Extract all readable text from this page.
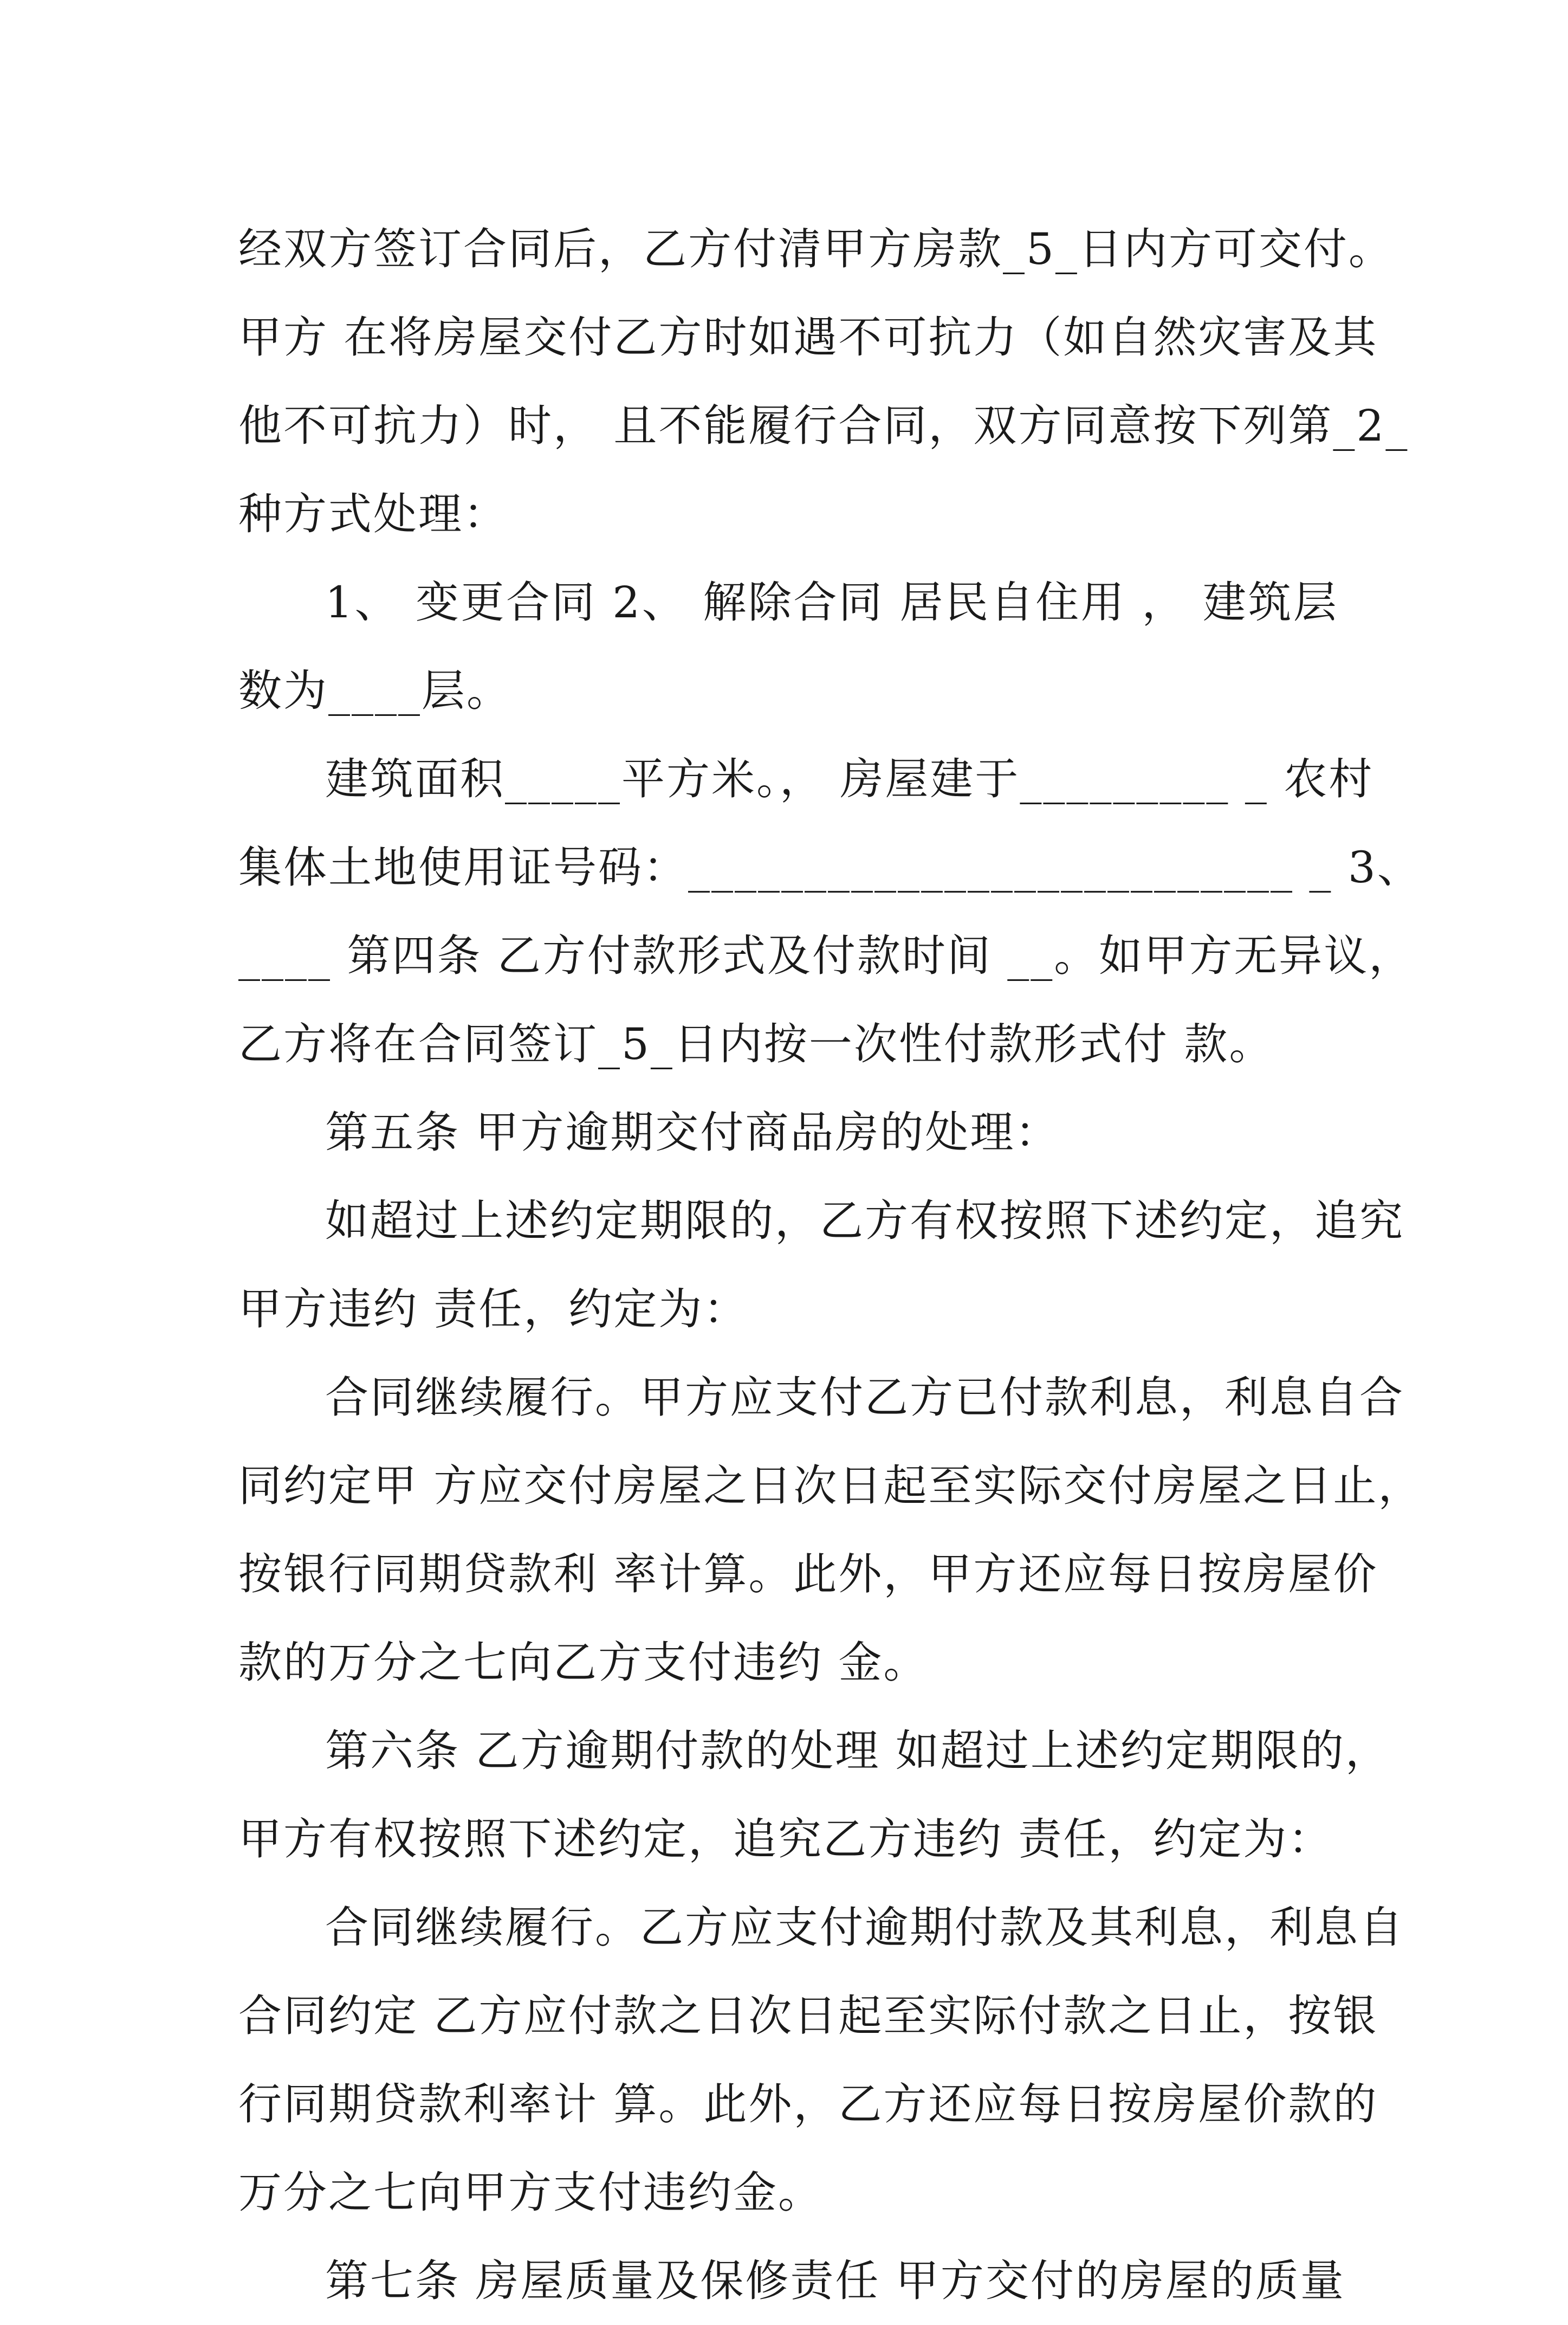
经双方签订合同后，乙方付清甲方房款_5_日内方可交付。
甲方 在将房屋交付乙方时如遇不可抗力（如自然灾害及其
他不可抗力）时， 且不能履行合同，双方同意按下列第_2_
种方式处理：
1、 变更合同 2、 解除合同 居民自住用 ， 建筑层
数为____层。
建筑面积_____平方米。， 房屋建于_________ _ 农村
集体土地使用证号码：__________________________ _ 3、
____ 第四条 乙方付款形式及付款时间 __。如甲方无异议，
乙方将在合同签订_5_日内按一次性付款形式付 款。
第五条 甲方逾期交付商品房的处理：
如超过上述约定期限的，乙方有权按照下述约定，追究
甲方违约 责任，约定为：
合同继续履行。甲方应支付乙方已付款利息，利息自合
同约定甲 方应交付房屋之日次日起至实际交付房屋之日止，
按银行同期贷款利 率计算。此外，甲方还应每日按房屋价
款的万分之七向乙方支付违约 金。
第六条 乙方逾期付款的处理 如超过上述约定期限的，
甲方有权按照下述约定，追究乙方违约 责任，约定为：
合同继续履行。乙方应支付逾期付款及其利息，利息自
合同约定 乙方应付款之日次日起至实际付款之日止，按银
行同期贷款利率计 算。此外，乙方还应每日按房屋价款的
万分之七向甲方支付违约金。
第七条 房屋质量及保修责任 甲方交付的房屋的质量
